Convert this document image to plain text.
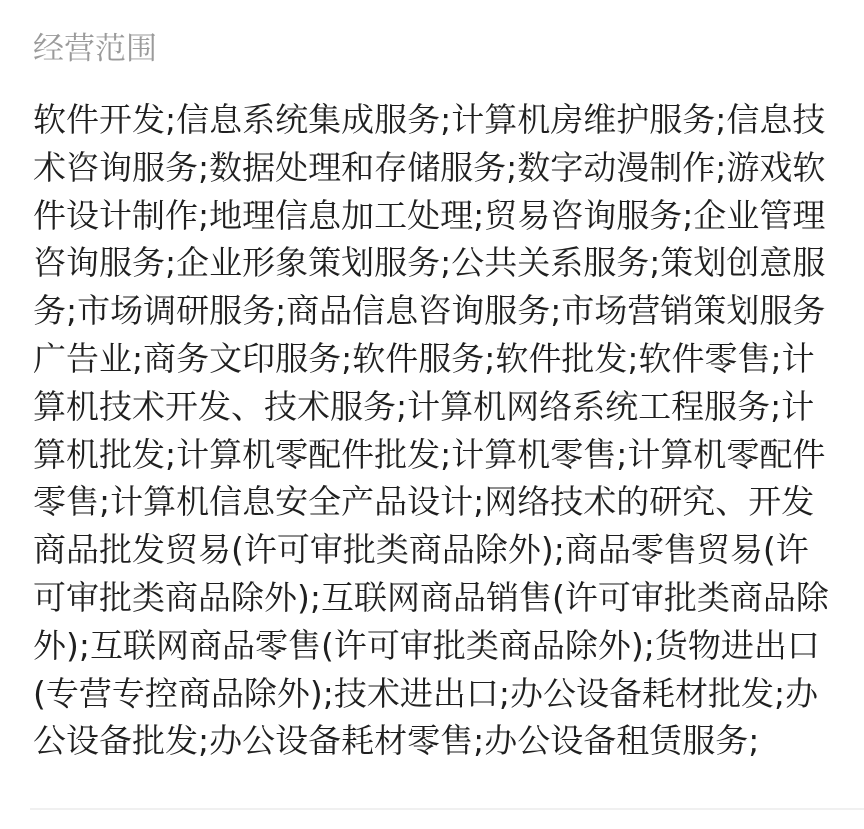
经营范围
软件开发;信息系统集成服务;计算机房维护服务;信息技
术咨询服务;数据处理和存储服务;数字动漫制作;游戏软
件设计制作;地理信息加工处理;贸易咨询服务;企业管理
咨询服务;企业形象策划服务;公共关系服务;策划创意服
务;市场调研服务;商品信息咨询服务;市场营销策划服务
广告业;商务文印服务;软件服务;软件批发;软件零售;计
算机技术开发、技术服务;计算机网络系统工程服务;计
算机批发;计算机零配件批发;计算机零售;计算机零配件
零售;计算机信息安全产品设计;网络技术的研究、开发
商品批发贸易(许可审批类商品除外);商品零售贸易(许
可审批类商品除外);互联网商品销售(许可审批类商品除
外);互联网商品零售(许可审批类商品除外);货物进出口
(专营专控商品除外);技术进出口;办公设备耗材批发;办
公设备批发;办公设备耗材零售;办公设备租赁服务;
